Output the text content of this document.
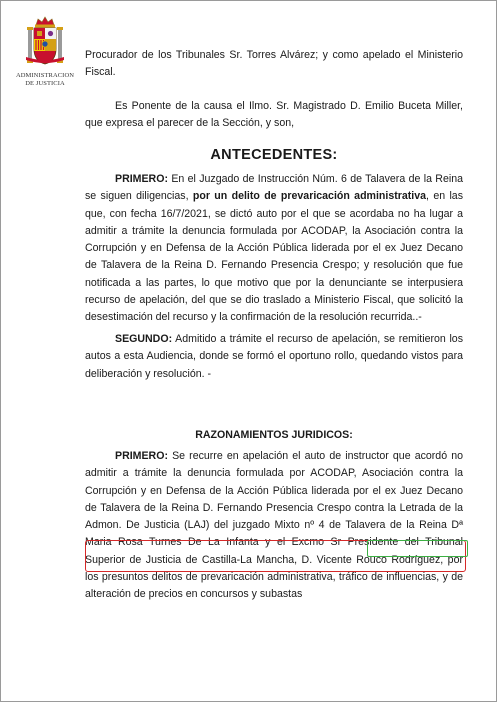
ADMINISTRACION
DE JUSTICIA

Procurador de los Tribunales Sr. Torres Alvárez; y como apelado el Ministerio Fiscal.

Es Ponente de la causa el Ilmo. Sr. Magistrado D. Emilio Buceta Miller, que expresa el parecer de la Sección, y son,

ANTECEDENTES:

PRIMERO: En el Juzgado de Instrucción Núm. 6 de Talavera de la Reina se siguen diligencias, por un delito de prevaricación administrativa, en las que, con fecha 16/7/2021, se dictó auto por el que se acordaba no ha lugar a admitir a trámite la denuncia formulada por ACODAP, la Asociación contra la Corrupción y en Defensa de la Acción Pública liderada por el ex Juez Decano de Talavera de la Reina D. Fernando Presencia Crespo; y resolución que fue notificada a las partes, lo que motivo que por la denunciante se interpusiera recurso de apelación, del que se dio traslado a Ministerio Fiscal, que solicitó la desestimación del recurso y la confirmación de la resolución recurrida..-

SEGUNDO: Admitido a trámite el recurso de apelación, se remitieron los autos a esta Audiencia, donde se formó el oportuno rollo, quedando vistos para deliberación y resolución. -

RAZONAMIENTOS JURIDICOS:

PRIMERO: Se recurre en apelación el auto de instructor que acordó no admitir a trámite la denuncia formulada por ACODAP, Asociación contra la Corrupción y en Defensa de la Acción Pública liderada por el ex Juez Decano de Talavera de la Reina D. Fernando Presencia Crespo contra la Letrada de la Admon. De Justicia (LAJ) del juzgado Mixto nº 4 de Talavera de la Reina Dª Maria Rosa Turnes De La Infanta y el Excmo Sr Presidente del Tribunal Superior de Justicia de Castilla-La Mancha, D. Vicente Rouco Rodríguez, por los presuntos delitos de prevaricación administrativa, tráfico de influencias, y de alteración de precios en concursos y subastas
